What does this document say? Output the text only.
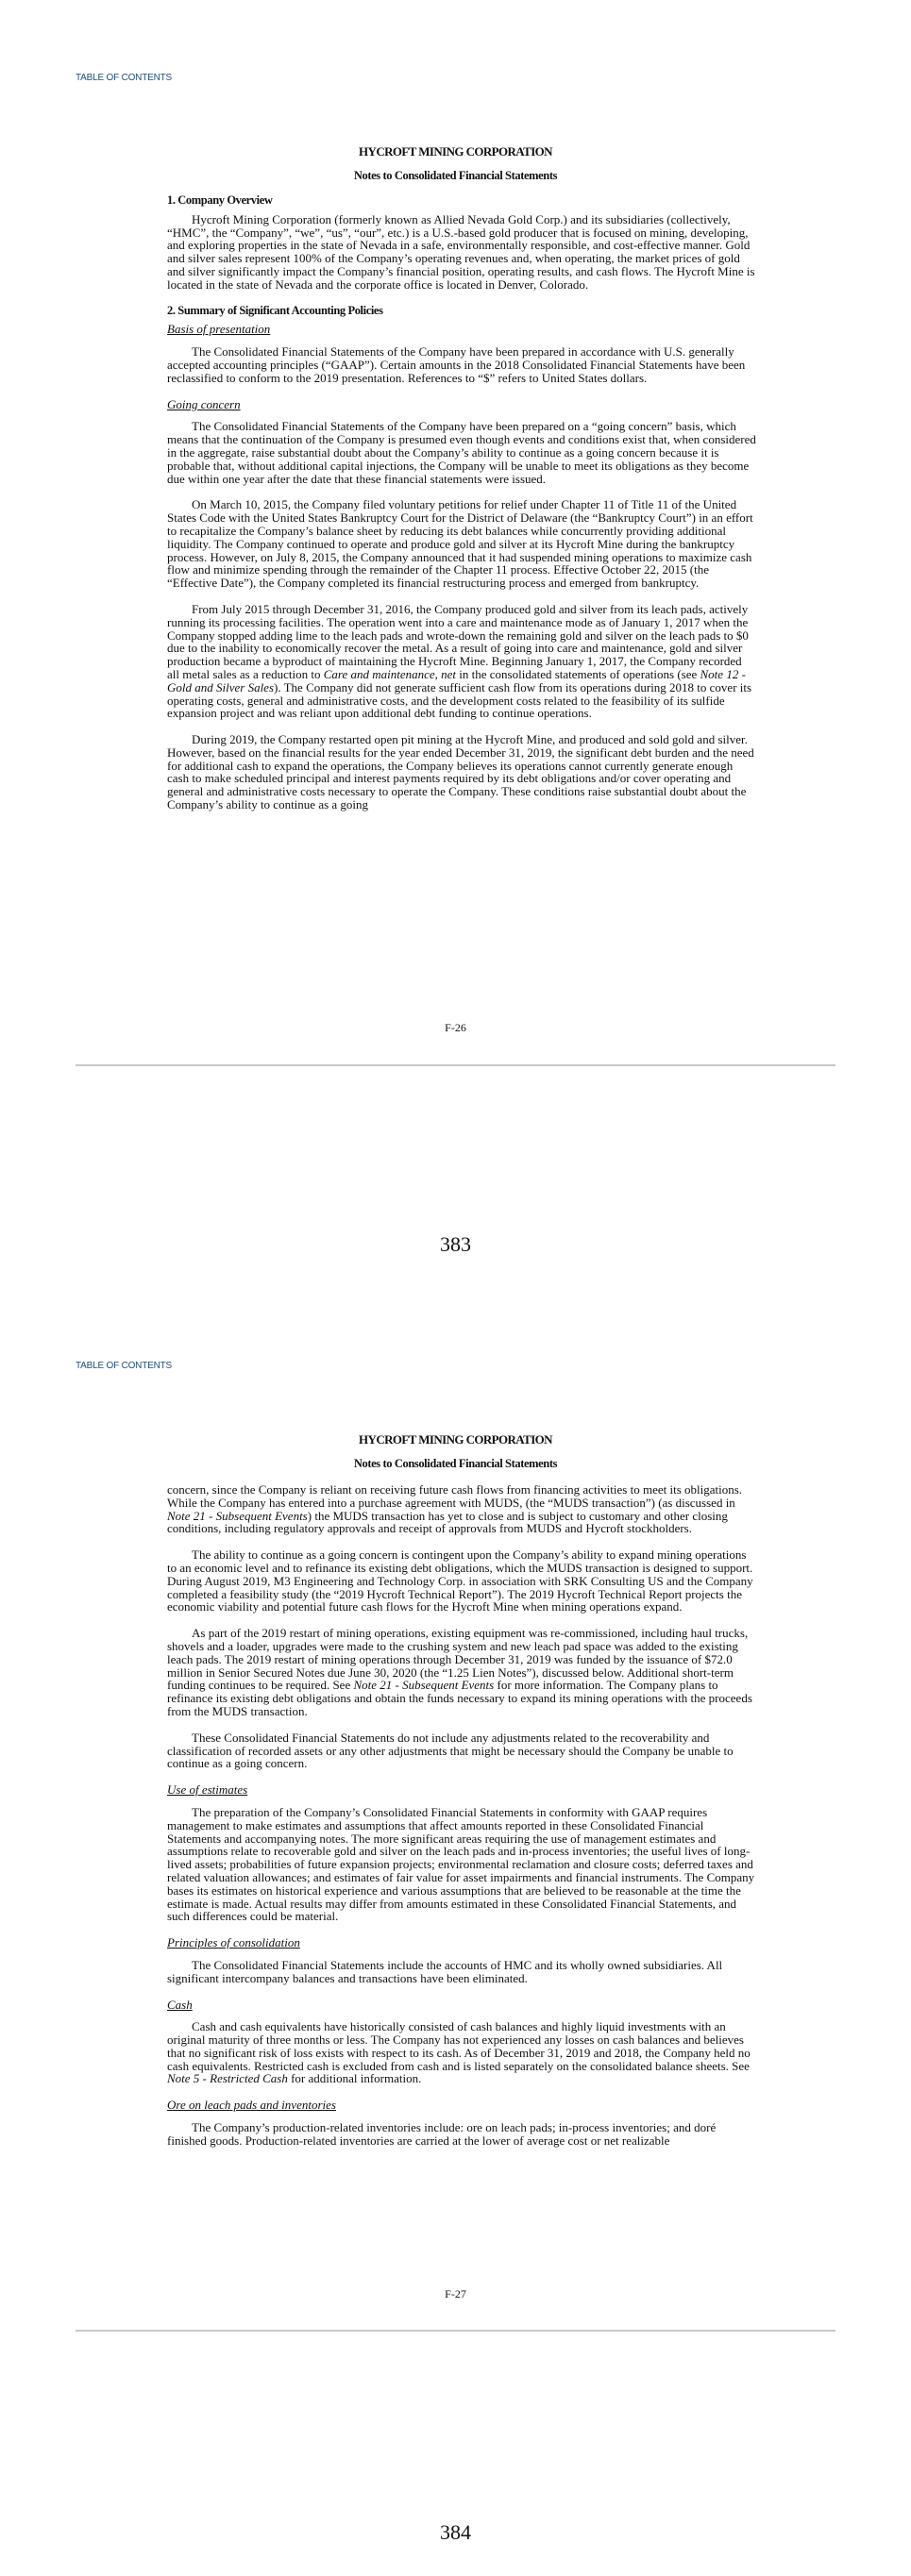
TABLE OF CONTENTS
HYCROFT MINING CORPORATION
Notes to Consolidated Financial Statements
1. Company Overview

Hycroft Mining Corporation (formerly known as Allied Nevada Gold Corp.) and its subsidiaries (collectively, “HMC”, the “Company”, “we”, “us”, “our”, etc.) is a U.S.-based gold producer that is focused on mining, developing, and exploring properties in the state of Nevada in a safe, environmentally responsible, and cost-effective manner. Gold and silver sales represent 100% of the Company’s operating revenues and, when operating, the market prices of gold and silver significantly impact the Company’s financial position, operating results, and cash flows. The Hycroft Mine is located in the state of Nevada and the corporate office is located in Denver, Colorado.

2. Summary of Significant Accounting Policies
Basis of presentation

The Consolidated Financial Statements of the Company have been prepared in accordance with U.S. generally accepted accounting principles (“GAAP”). Certain amounts in the 2018 Consolidated Financial Statements have been reclassified to conform to the 2019 presentation. References to “$” refers to United States dollars.

Going concern

The Consolidated Financial Statements of the Company have been prepared on a “going concern” basis, which means that the continuation of the Company is presumed even though events and conditions exist that, when considered in the aggregate, raise substantial doubt about the Company’s ability to continue as a going concern because it is probable that, without additional capital injections, the Company will be unable to meet its obligations as they become due within one year after the date that these financial statements were issued.

On March 10, 2015, the Company filed voluntary petitions for relief under Chapter 11 of Title 11 of the United States Code with the United States Bankruptcy Court for the District of Delaware (the “Bankruptcy Court”) in an effort to recapitalize the Company’s balance sheet by reducing its debt balances while concurrently providing additional liquidity. The Company continued to operate and produce gold and silver at its Hycroft Mine during the bankruptcy process. However, on July 8, 2015, the Company announced that it had suspended mining operations to maximize cash flow and minimize spending through the remainder of the Chapter 11 process. Effective October 22, 2015 (the “Effective Date”), the Company completed its financial restructuring process and emerged from bankruptcy.

From July 2015 through December 31, 2016, the Company produced gold and silver from its leach pads, actively running its processing facilities. The operation went into a care and maintenance mode as of January 1, 2017 when the Company stopped adding lime to the leach pads and wrote-down the remaining gold and silver on the leach pads to $0 due to the inability to economically recover the metal. As a result of going into care and maintenance, gold and silver production became a byproduct of maintaining the Hycroft Mine. Beginning January 1, 2017, the Company recorded all metal sales as a reduction to Care and maintenance, net in the consolidated statements of operations (see Note 12 - Gold and Silver Sales). The Company did not generate sufficient cash flow from its operations during 2018 to cover its operating costs, general and administrative costs, and the development costs related to the feasibility of its sulfide expansion project and was reliant upon additional debt funding to continue operations.

During 2019, the Company restarted open pit mining at the Hycroft Mine, and produced and sold gold and silver. However, based on the financial results for the year ended December 31, 2019, the significant debt burden and the need for additional cash to expand the operations, the Company believes its operations cannot currently generate enough cash to make scheduled principal and interest payments required by its debt obligations and/or cover operating and general and administrative costs necessary to operate the Company. These conditions raise substantial doubt about the Company’s ability to continue as a going

F-26
383
TABLE OF CONTENTS
HYCROFT MINING CORPORATION
Notes to Consolidated Financial Statements

concern, since the Company is reliant on receiving future cash flows from financing activities to meet its obligations. While the Company has entered into a purchase agreement with MUDS, (the “MUDS transaction”) (as discussed in Note 21 - Subsequent Events) the MUDS transaction has yet to close and is subject to customary and other closing conditions, including regulatory approvals and receipt of approvals from MUDS and Hycroft stockholders.

The ability to continue as a going concern is contingent upon the Company’s ability to expand mining operations to an economic level and to refinance its existing debt obligations, which the MUDS transaction is designed to support. During August 2019, M3 Engineering and Technology Corp. in association with SRK Consulting US and the Company completed a feasibility study (the “2019 Hycroft Technical Report”). The 2019 Hycroft Technical Report projects the economic viability and potential future cash flows for the Hycroft Mine when mining operations expand.

As part of the 2019 restart of mining operations, existing equipment was re-commissioned, including haul trucks, shovels and a loader, upgrades were made to the crushing system and new leach pad space was added to the existing leach pads. The 2019 restart of mining operations through December 31, 2019 was funded by the issuance of $72.0 million in Senior Secured Notes due June 30, 2020 (the “1.25 Lien Notes”), discussed below. Additional short-term funding continues to be required. See Note 21 - Subsequent Events for more information. The Company plans to refinance its existing debt obligations and obtain the funds necessary to expand its mining operations with the proceeds from the MUDS transaction.

These Consolidated Financial Statements do not include any adjustments related to the recoverability and classification of recorded assets or any other adjustments that might be necessary should the Company be unable to continue as a going concern.

Use of estimates

The preparation of the Company’s Consolidated Financial Statements in conformity with GAAP requires management to make estimates and assumptions that affect amounts reported in these Consolidated Financial Statements and accompanying notes. The more significant areas requiring the use of management estimates and assumptions relate to recoverable gold and silver on the leach pads and in-process inventories; the useful lives of long-lived assets; probabilities of future expansion projects; environmental reclamation and closure costs; deferred taxes and related valuation allowances; and estimates of fair value for asset impairments and financial instruments. The Company bases its estimates on historical experience and various assumptions that are believed to be reasonable at the time the estimate is made. Actual results may differ from amounts estimated in these Consolidated Financial Statements, and such differences could be material.

Principles of consolidation

The Consolidated Financial Statements include the accounts of HMC and its wholly owned subsidiaries. All significant intercompany balances and transactions have been eliminated.

Cash

Cash and cash equivalents have historically consisted of cash balances and highly liquid investments with an original maturity of three months or less. The Company has not experienced any losses on cash balances and believes that no significant risk of loss exists with respect to its cash. As of December 31, 2019 and 2018, the Company held no cash equivalents. Restricted cash is excluded from cash and is listed separately on the consolidated balance sheets. See Note 5 - Restricted Cash for additional information.

Ore on leach pads and inventories

The Company’s production-related inventories include: ore on leach pads; in-process inventories; and doré finished goods. Production-related inventories are carried at the lower of average cost or net realizable

F-27
384
